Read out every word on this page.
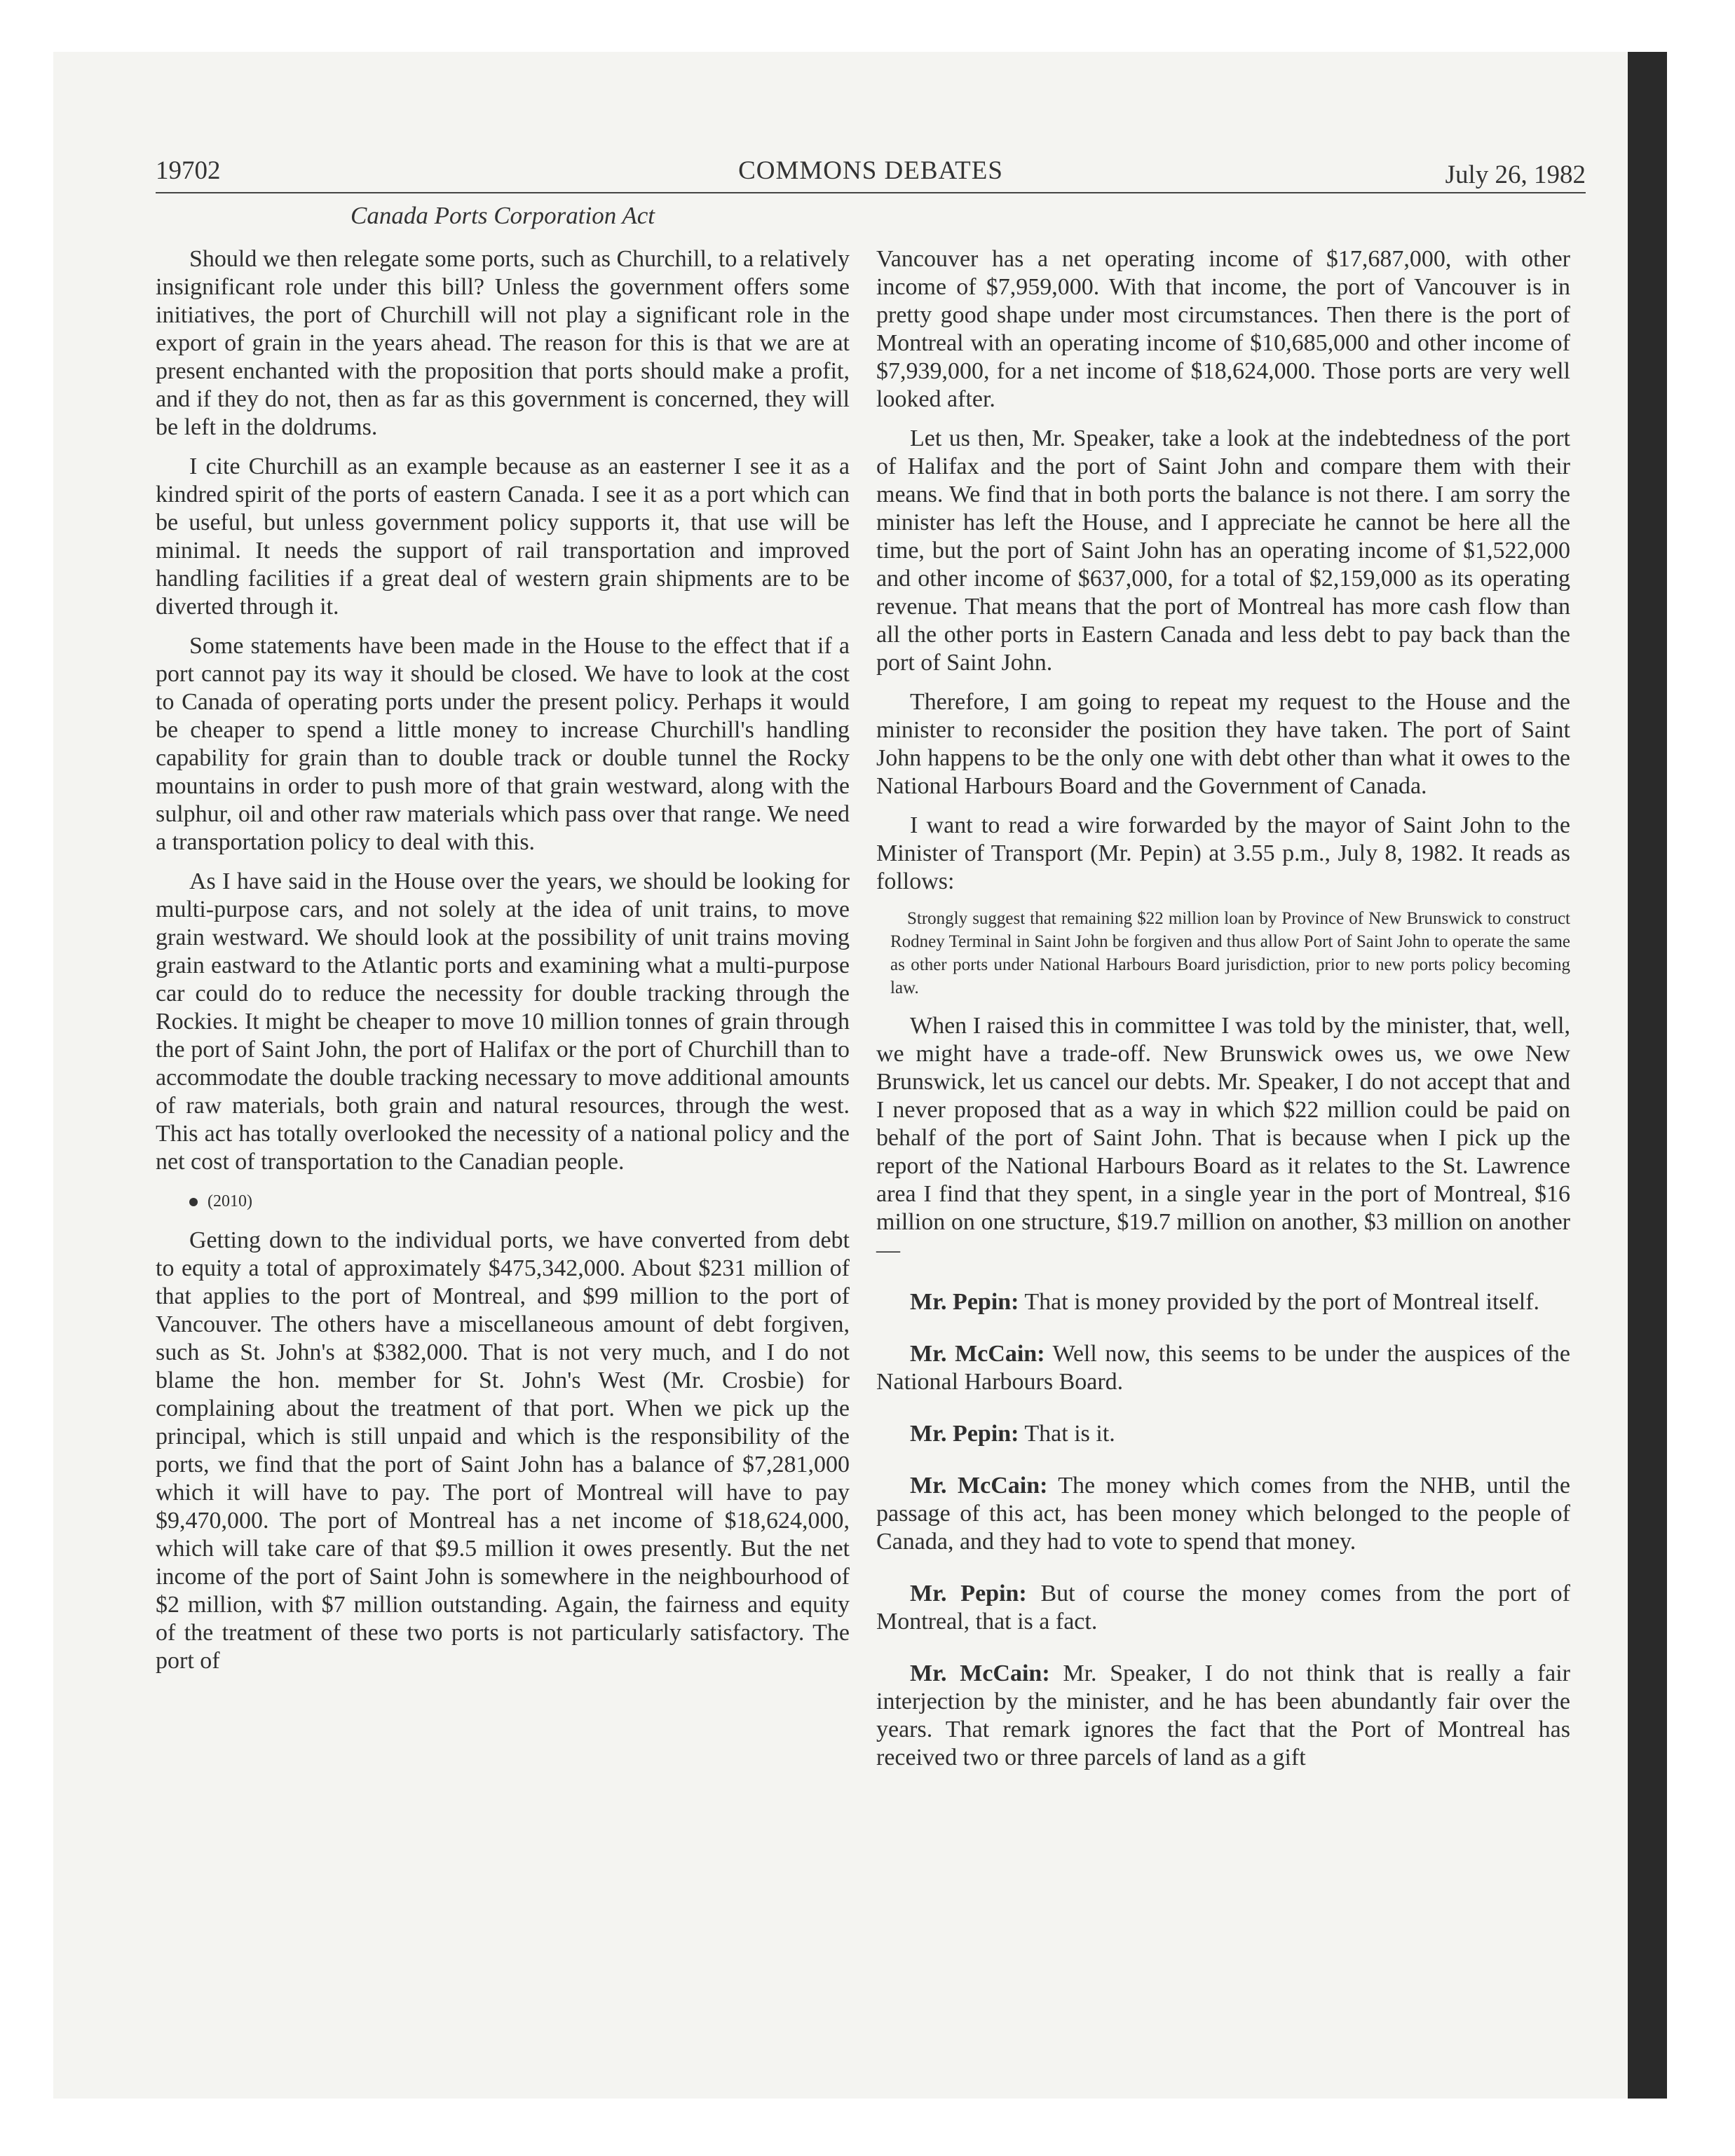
19702	COMMONS DEBATES	July 26, 1982
Canada Ports Corporation Act

Should we then relegate some ports, such as Churchill, to a relatively insignificant role under this bill? Unless the government offers some initiatives, the port of Churchill will not play a significant role in the export of grain in the years ahead. The reason for this is that we are at present enchanted with the proposition that ports should make a profit, and if they do not, then as far as this government is concerned, they will be left in the doldrums.

I cite Churchill as an example because as an easterner I see it as a kindred spirit of the ports of eastern Canada. I see it as a port which can be useful, but unless government policy supports it, that use will be minimal. It needs the support of rail transportation and improved handling facilities if a great deal of western grain shipments are to be diverted through it.

Some statements have been made in the House to the effect that if a port cannot pay its way it should be closed. We have to look at the cost to Canada of operating ports under the present policy. Perhaps it would be cheaper to spend a little money to increase Churchill's handling capability for grain than to double track or double tunnel the Rocky mountains in order to push more of that grain westward, along with the sulphur, oil and other raw materials which pass over that range. We need a transportation policy to deal with this.

As I have said in the House over the years, we should be looking for multi-purpose cars, and not solely at the idea of unit trains, to move grain westward. We should look at the possibility of unit trains moving grain eastward to the Atlantic ports and examining what a multi-purpose car could do to reduce the necessity for double tracking through the Rockies. It might be cheaper to move 10 million tonnes of grain through the port of Saint John, the port of Halifax or the port of Churchill than to accommodate the double tracking necessary to move additional amounts of raw materials, both grain and natural resources, through the west. This act has totally overlooked the necessity of a national policy and the net cost of transportation to the Canadian people.

(2010)

Getting down to the individual ports, we have converted from debt to equity a total of approximately $475,342,000. About $231 million of that applies to the port of Montreal, and $99 million to the port of Vancouver. The others have a miscellaneous amount of debt forgiven, such as St. John's at $382,000. That is not very much, and I do not blame the hon. member for St. John's West (Mr. Crosbie) for complaining about the treatment of that port. When we pick up the principal, which is still unpaid and which is the responsibility of the ports, we find that the port of Saint John has a balance of $7,281,000 which it will have to pay. The port of Montreal will have to pay $9,470,000. The port of Montreal has a net income of $18,624,000, which will take care of that $9.5 million it owes presently. But the net income of the port of Saint John is somewhere in the neighbourhood of $2 million, with $7 million outstanding. Again, the fairness and equity of the treatment of these two ports is not particularly satisfactory. The port of

Vancouver has a net operating income of $17,687,000, with other income of $7,959,000. With that income, the port of Vancouver is in pretty good shape under most circumstances. Then there is the port of Montreal with an operating income of $10,685,000 and other income of $7,939,000, for a net income of $18,624,000. Those ports are very well looked after.

Let us then, Mr. Speaker, take a look at the indebtedness of the port of Halifax and the port of Saint John and compare them with their means. We find that in both ports the balance is not there. I am sorry the minister has left the House, and I appreciate he cannot be here all the time, but the port of Saint John has an operating income of $1,522,000 and other income of $637,000, for a total of $2,159,000 as its operating revenue. That means that the port of Montreal has more cash flow than all the other ports in Eastern Canada and less debt to pay back than the port of Saint John.

Therefore, I am going to repeat my request to the House and the minister to reconsider the position they have taken. The port of Saint John happens to be the only one with debt other than what it owes to the National Harbours Board and the Government of Canada.

I want to read a wire forwarded by the mayor of Saint John to the Minister of Transport (Mr. Pepin) at 3.55 p.m., July 8, 1982. It reads as follows:

Strongly suggest that remaining $22 million loan by Province of New Brunswick to construct Rodney Terminal in Saint John be forgiven and thus allow Port of Saint John to operate the same as other ports under National Harbours Board jurisdiction, prior to new ports policy becoming law.

When I raised this in committee I was told by the minister, that, well, we might have a trade-off. New Brunswick owes us, we owe New Brunswick, let us cancel our debts. Mr. Speaker, I do not accept that and I never proposed that as a way in which $22 million could be paid on behalf of the port of Saint John. That is because when I pick up the report of the National Harbours Board as it relates to the St. Lawrence area I find that they spent, in a single year in the port of Montreal, $16 million on one structure, $19.7 million on another, $3 million on another—

Mr. Pepin: That is money provided by the port of Montreal itself.

Mr. McCain: Well now, this seems to be under the auspices of the National Harbours Board.

Mr. Pepin: That is it.

Mr. McCain: The money which comes from the NHB, until the passage of this act, has been money which belonged to the people of Canada, and they had to vote to spend that money.

Mr. Pepin: But of course the money comes from the port of Montreal, that is a fact.

Mr. McCain: Mr. Speaker, I do not think that is really a fair interjection by the minister, and he has been abundantly fair over the years. That remark ignores the fact that the Port of Montreal has received two or three parcels of land as a gift
